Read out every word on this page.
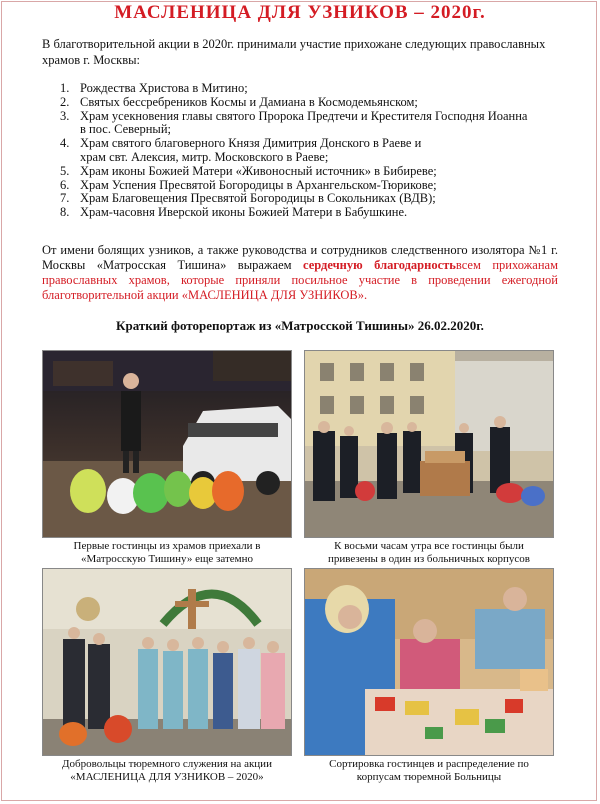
МАСЛЕНИЦА ДЛЯ УЗНИКОВ – 2020г.
В благотворительной акции в 2020г. принимали участие прихожане следующих православных храмов г. Москвы:
1. Рождества Христова в Митино;
2. Святых бессребреников Космы и Дамиана в Космодемьянском;
3. Храм усекновения главы святого Пророка Предтечи и Крестителя Господня Иоанна
в пос. Северный;
4. Храм святого благоверного Князя Димитрия Донского в Раеве и
храм свт. Алексия, митр. Московского в Раеве;
5. Храм иконы Божией Матери «Живоносный источник» в Бибиреве;
6. Храм Успения Пресвятой Богородицы в Архангельском-Тюрикове;
7. Храм Благовещения Пресвятой Богородицы в Сокольниках (ВДВ);
8. Храм-часовня Иверской иконы Божией Матери в Бабушкине.
От имени болящих узников, а также руководства и сотрудников следственного изолятора №1 г. Москвы «Матросская Тишина» выражаем сердечную благодарностьвсем прихожанам православных храмов, которые приняли посильное участие в проведении ежегодной благотворительной акции «МАСЛЕНИЦА ДЛЯ УЗНИКОВ».
Краткий фоторепортаж из «Матросской Тишины» 26.02.2020г.
Первые гостинцы из храмов приехали в
«Матросскую Тишину» еще затемно
К восьми часам утра все гостинцы были
привезены в один из больничных корпусов
Добровольцы тюремного служения на акции
«МАСЛЕНИЦА ДЛЯ УЗНИКОВ – 2020»
Сортировка гостинцев и распределение по
корпусам тюремной Больницы
